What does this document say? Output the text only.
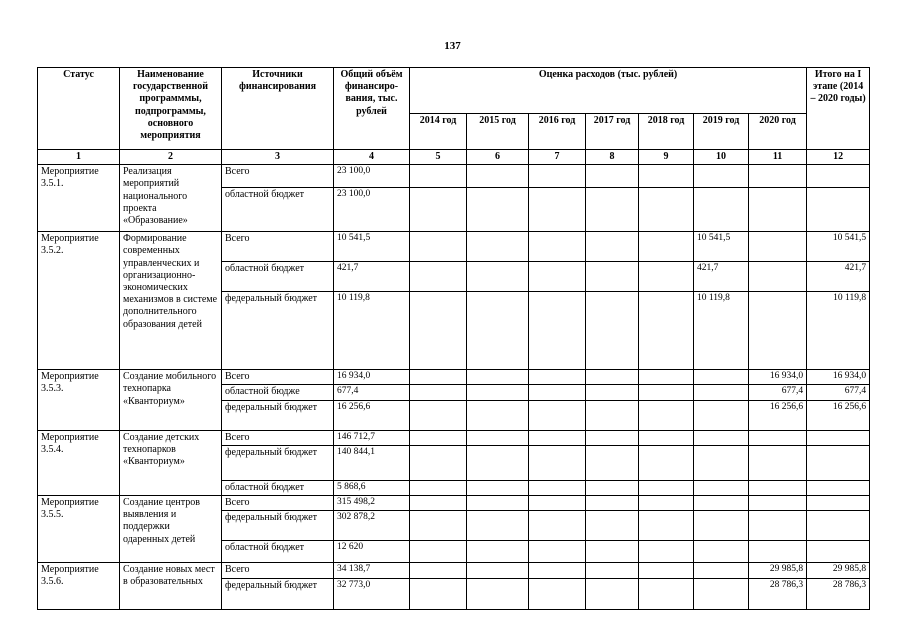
137
Статус	Наименование государственной программмы, подпрограммы, основного мероприятия	Источники финансирования	Общий объём финансиро-вания, тыс. рублей	Оценка расходов (тыс. рублей)							Итого на I этапе (2014 – 2020 годы)
				2014 год	2015 год	2016 год	2017 год	2018 год	2019 год	2020 год	
1	2	3	4	5	6	7	8	9	10	11	12
Мероприятие 3.5.1.	Реализация мероприятий национального проекта «Образование»	Всего	23 100,0								
		областной бюджет	23 100,0								
Мероприятие 3.5.2.	Формирование современных управленческих и организационно-экономических механизмов в системе дополнительного образования детей	Всего	10 541,5						10 541,5		10 541,5
		областной бюджет	421,7						421,7		421,7
		федеральный бюджет	10 119,8						10 119,8		10 119,8
Мероприятие 3.5.3.	Создание мобильного технопарка «Кванториум»	Всего	16 934,0							16 934,0	16 934,0
		областной бюдже	677,4							677,4	677,4
		федеральный бюджет	16 256,6							16 256,6	16 256,6
Мероприятие 3.5.4.	Создание детских технопарков «Кванториум»	Всего	146 712,7								
		федеральный бюджет	140 844,1								
		областной бюджет	5 868,6								
Мероприятие 3.5.5.	Создание центров выявления и поддержки одаренных детей	Всего	315 498,2								
		федеральный бюджет	302 878,2								
		областной бюджет	12 620								
Мероприятие 3.5.6.	Создание новых мест в образовательных	Всего	34 138,7							29 985,8	29 985,8
		федеральный бюджет	32 773,0							28 786,3	28 786,3
